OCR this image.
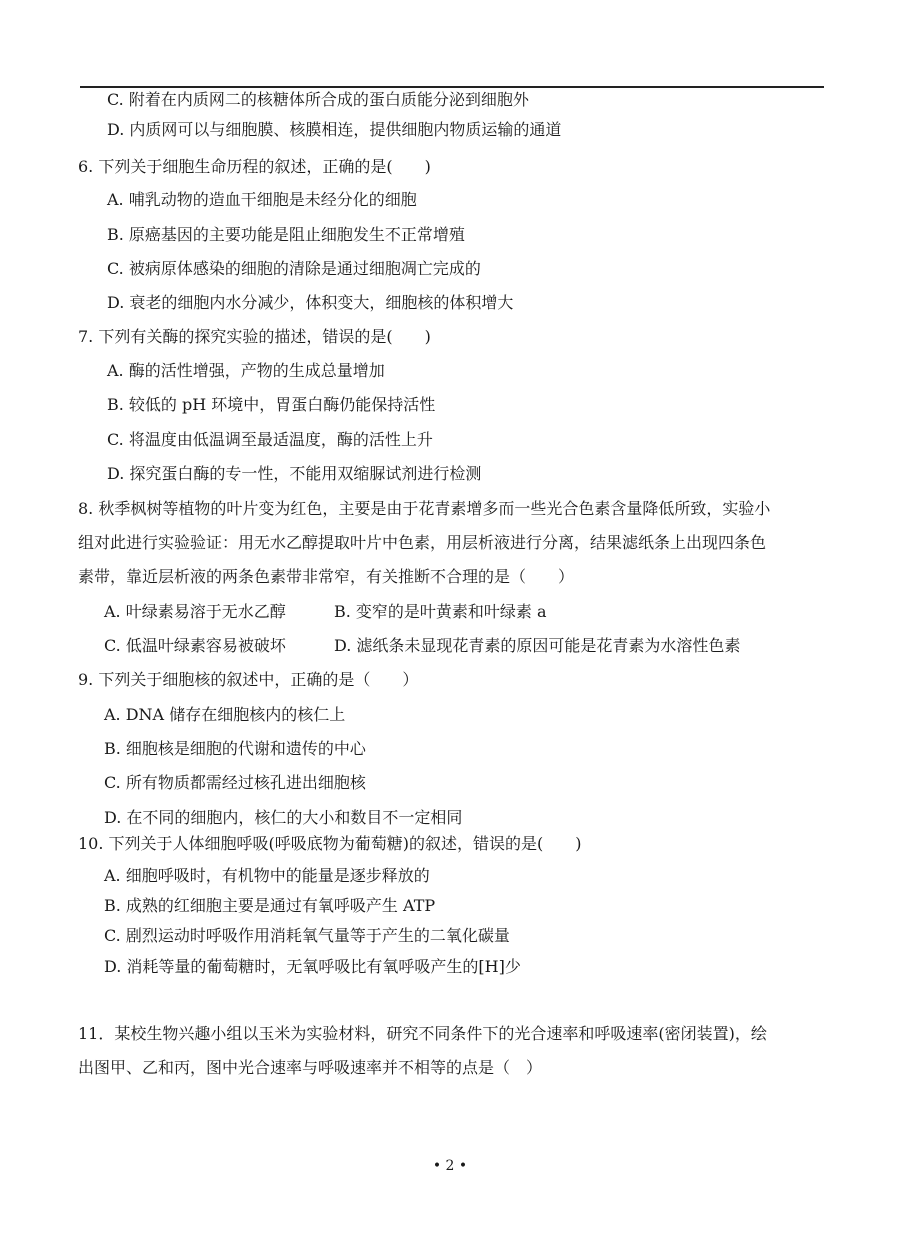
C. 附着在内质网二的核糖体所合成的蛋白质能分泌到细胞外
D. 内质网可以与细胞膜、核膜相连，提供细胞内物质运输的通道
6. 下列关于细胞生命历程的叙述，正确的是(　　)
A. 哺乳动物的造血干细胞是未经分化的细胞
B. 原癌基因的主要功能是阻止细胞发生不正常增殖
C. 被病原体感染的细胞的清除是通过细胞凋亡完成的
D. 衰老的细胞内水分减少，体积变大，细胞核的体积增大
7. 下列有关酶的探究实验的描述，错误的是(　　)
A. 酶的活性增强，产物的生成总量增加
B. 较低的 pH 环境中，胃蛋白酶仍能保持活性
C. 将温度由低温调至最适温度，酶的活性上升
D. 探究蛋白酶的专一性，不能用双缩脲试剂进行检测
8. 秋季枫树等植物的叶片变为红色，主要是由于花青素增多而一些光合色素含量降低所致，实验小
组对此进行实验验证：用无水乙醇提取叶片中色素，用层析液进行分离，结果滤纸条上出现四条色
素带，靠近层析液的两条色素带非常窄，有关推断不合理的是（　　）
A. 叶绿素易溶于无水乙醇	B. 变窄的是叶黄素和叶绿素 a
C. 低温叶绿素容易被破坏	D. 滤纸条未显现花青素的原因可能是花青素为水溶性色素
9. 下列关于细胞核的叙述中，正确的是（　　）
A. DNA 储存在细胞核内的核仁上
B. 细胞核是细胞的代谢和遗传的中心
C. 所有物质都需经过核孔进出细胞核
D. 在不同的细胞内，核仁的大小和数目不一定相同
10. 下列关于人体细胞呼吸(呼吸底物为葡萄糖)的叙述，错误的是(　　)
A. 细胞呼吸时，有机物中的能量是逐步释放的
B. 成熟的红细胞主要是通过有氧呼吸产生 ATP
C. 剧烈运动时呼吸作用消耗氧气量等于产生的二氧化碳量
D. 消耗等量的葡萄糖时，无氧呼吸比有氧呼吸产生的[H]少
11．某校生物兴趣小组以玉米为实验材料，研究不同条件下的光合速率和呼吸速率(密闭装置)，绘
出图甲、乙和丙，图中光合速率与呼吸速率并不相等的点是（　）
• 2 •
